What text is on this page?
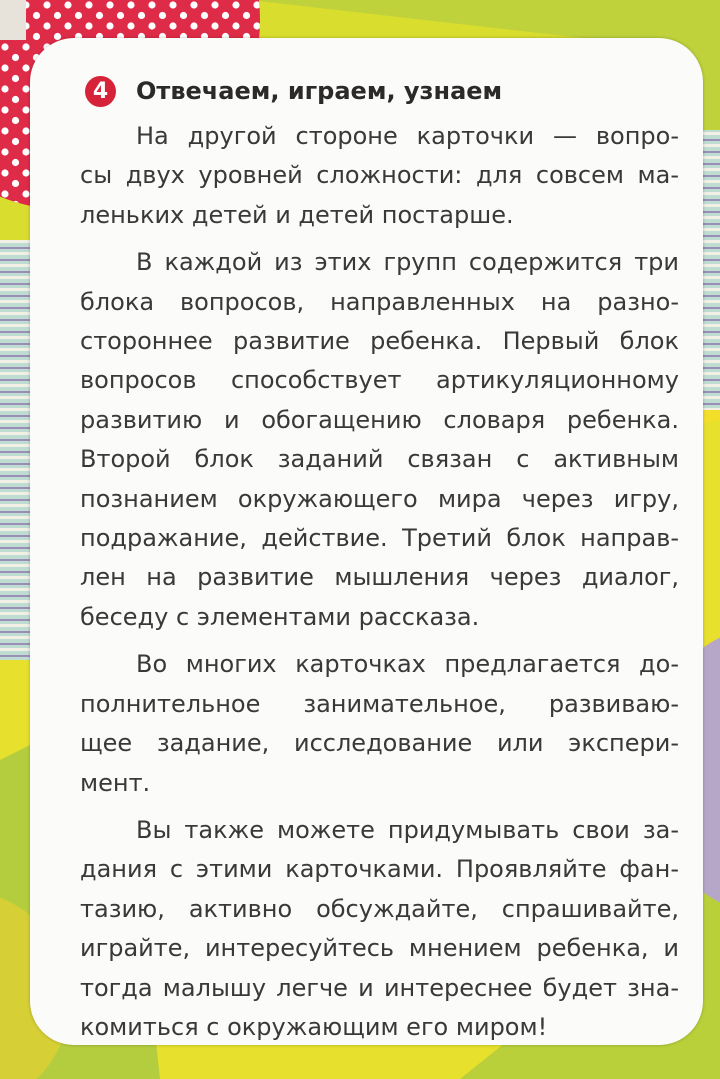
4	Отвечаем, играем, узнаем

На другой стороне карточки — вопро-
сы двух уровней сложности: для совсем ма-
леньких детей и детей постарше.

В каждой из этих групп содержится три
блока вопросов, направленных на разно-
стороннее развитие ребенка. Первый блок
вопросов способствует артикуляционному
развитию и обогащению словаря ребенка.
Второй блок заданий связан с активным
познанием окружающего мира через игру,
подражание, действие. Третий блок направ-
лен на развитие мышления через диалог,
беседу с элементами рассказа.

Во многих карточках предлагается до-
полнительное занимательное, развиваю-
щее задание, исследование или экспери-
мент.

Вы также можете придумывать свои за-
дания с этими карточками. Проявляйте фан-
тазию, активно обсуждайте, спрашивайте,
играйте, интересуйтесь мнением ребенка, и
тогда малышу легче и интереснее будет зна-
комиться с окружающим его миром!
